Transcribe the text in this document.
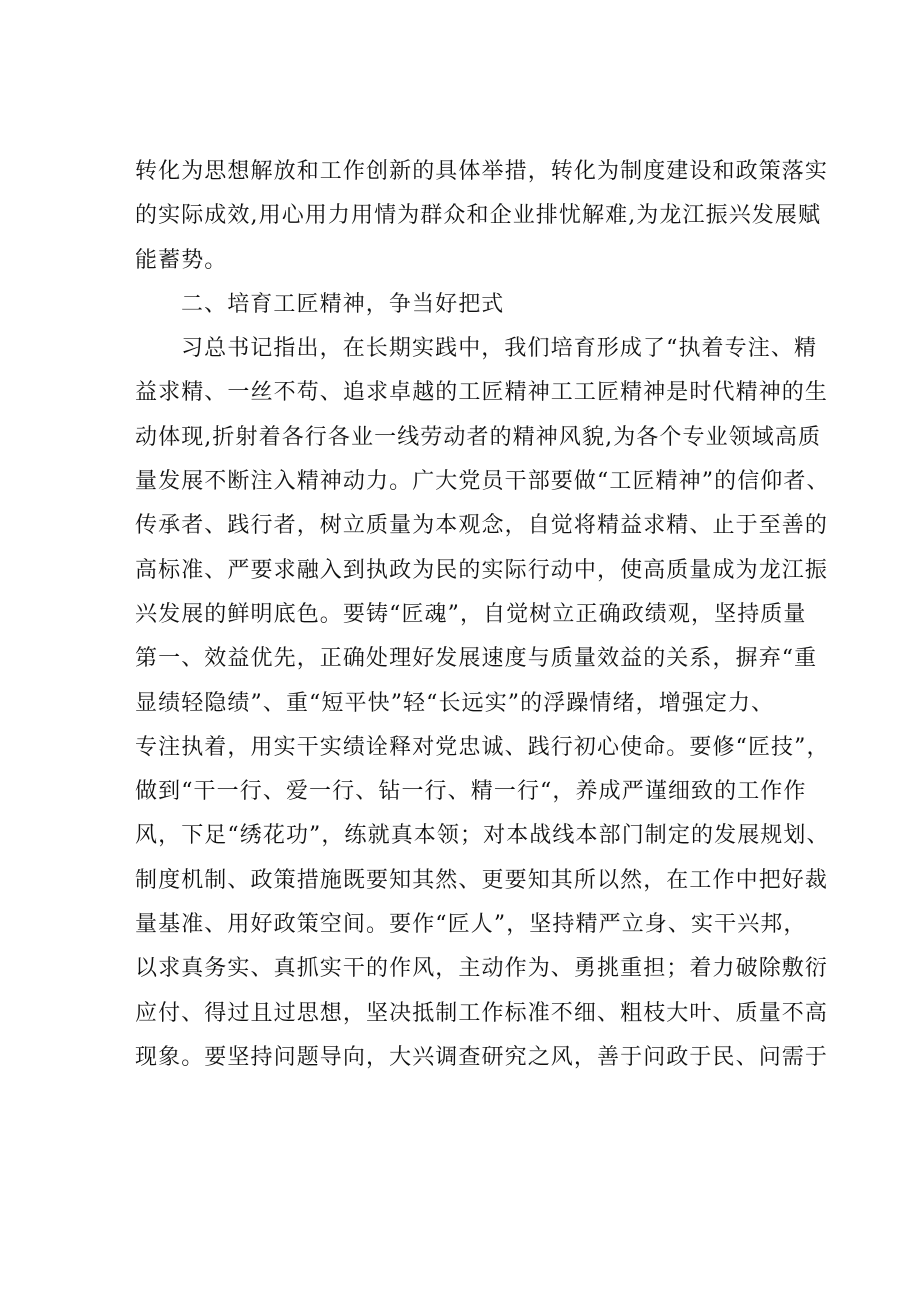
转化为思想解放和工作创新的具体举措，转化为制度建设和政策落实
的实际成效,用心用力用情为群众和企业排忧解难,为龙江振兴发展赋
能蓄势。
二、培育工匠精神，争当好把式
习总书记指出，在长期实践中，我们培育形成了“执着专注、精
益求精、一丝不苟、追求卓越的工匠精神工工匠精神是时代精神的生
动体现,折射着各行各业一线劳动者的精神风貌,为各个专业领域高质
量发展不断注入精神动力。广大党员干部要做“工匠精神”的信仰者、
传承者、践行者，树立质量为本观念，自觉将精益求精、止于至善的
高标准、严要求融入到执政为民的实际行动中，使高质量成为龙江振
兴发展的鲜明底色。要铸“匠魂”，自觉树立正确政绩观，坚持质量
第一、效益优先，正确处理好发展速度与质量效益的关系，摒弃“重
显绩轻隐绩”、重“短平快”轻“长远实”的浮躁情绪，增强定力、
专注执着，用实干实绩诠释对党忠诚、践行初心使命。要修“匠技”，
做到“干一行、爱一行、钻一行、精一行“，养成严谨细致的工作作
风，下足“绣花功”，练就真本领；对本战线本部门制定的发展规划、
制度机制、政策措施既要知其然、更要知其所以然，在工作中把好裁
量基准、用好政策空间。要作“匠人”，坚持精严立身、实干兴邦，
以求真务实、真抓实干的作风，主动作为、勇挑重担；着力破除敷衍
应付、得过且过思想，坚决抵制工作标准不细、粗枝大叶、质量不高
现象。要坚持问题导向，大兴调查研究之风，善于问政于民、问需于
